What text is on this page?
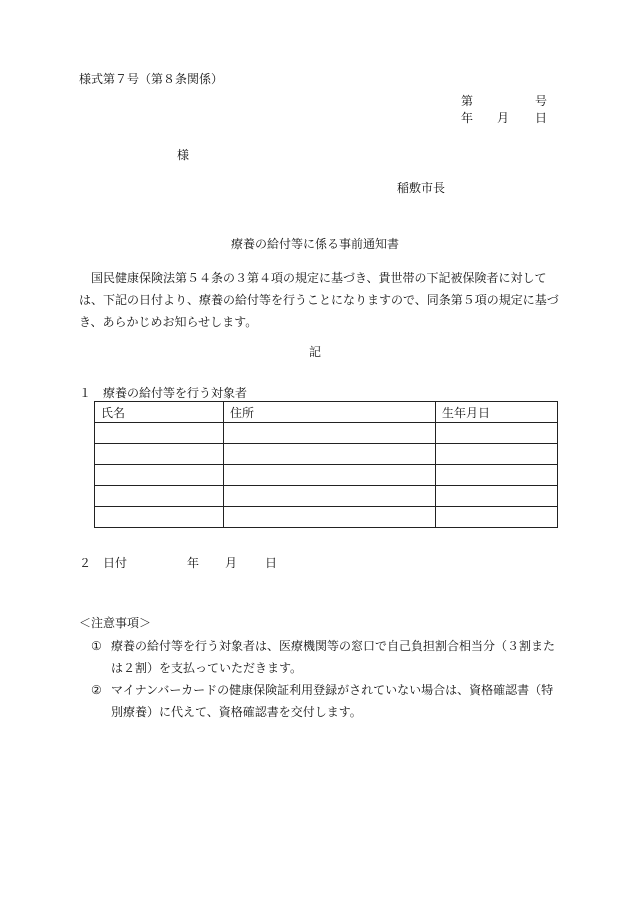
様式第７号（第８条関係）
第	号
年 月 日
様
稲敷市長
療養の給付等に係る事前通知書
国民健康保険法第５４条の３第４項の規定に基づき、貴世帯の下記被保険者に対しては、下記の日付より、療養の給付等を行うことになりますので、同条第５項の規定に基づき、あらかじめお知らせします。
記
１ 療養の給付等を行う対象者
氏名	住所	生年月日

２ 日付	年 月 日
＜注意事項＞
① 療養の給付等を行う対象者は、医療機関等の窓口で自己負担割合相当分（３割または２割）を支払っていただきます。
② マイナンバーカードの健康保険証利用登録がされていない場合は、資格確認書（特別療養）に代えて、資格確認書を交付します。
